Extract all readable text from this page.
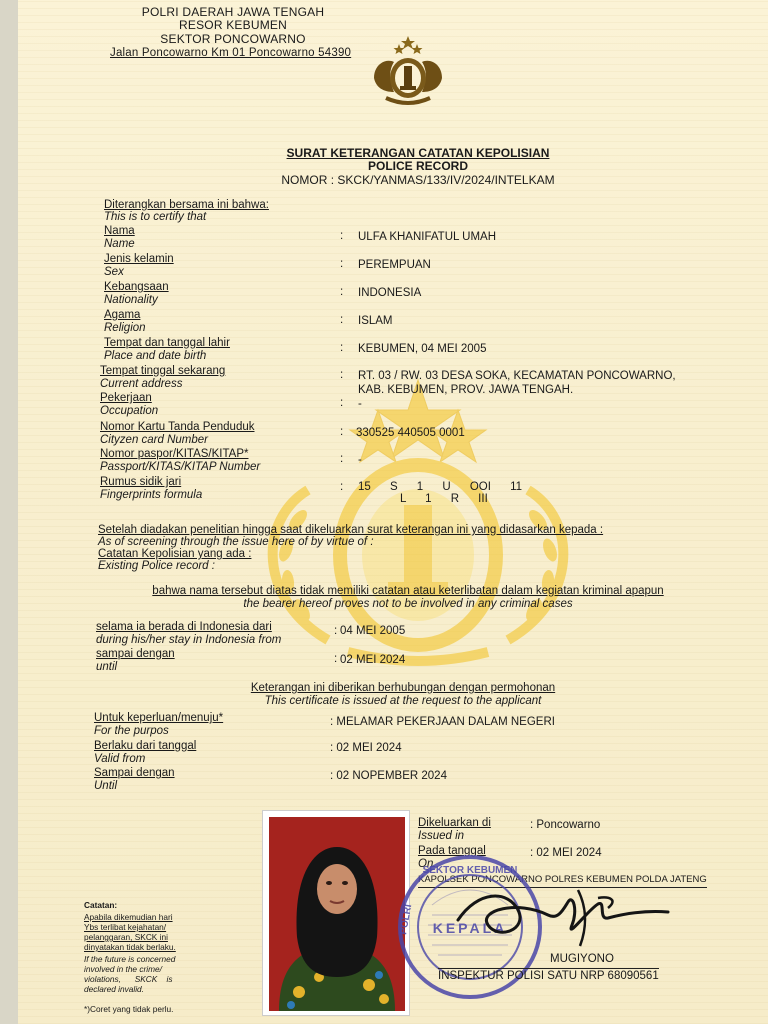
POLRI DAERAH JAWA TENGAH
RESOR KEBUMEN
SEKTOR PONCOWARNO
Jalan Poncowarno Km 01 Poncowarno 54390
SURAT KETERANGAN CATATAN KEPOLISIAN
POLICE RECORD
NOMOR : SKCK/YANMAS/133/IV/2024/INTELKAM
Diterangkan bersama ini bahwa:
This is to certify that
Nama
Name
: ULFA KHANIFATUL UMAH
Jenis kelamin
Sex
: PEREMPUAN
Kebangsaan
Nationality
: INDONESIA
Agama
Religion
: ISLAM
Tempat dan tanggal lahir
Place and date birth
: KEBUMEN, 04 MEI 2005
Tempat tinggal sekarang
Current address
: RT. 03 / RW. 03 DESA SOKA, KECAMATAN PONCOWARNO,
KAB. KEBUMEN, PROV. JAWA TENGAH.
Pekerjaan
Occupation
: -
Nomor Kartu Tanda Penduduk
Cityzen card Number
: 330525 440505 0001
Nomor paspor/KITAS/KITAP*
Passport/KITAS/KITAP Number
: -
Rumus sidik jari
Fingerprints formula
: 15      S      1      U      OOI      11
L      1      R      III
Setelah diadakan penelitian hingga saat dikeluarkan surat keterangan ini yang didasarkan kepada :
As of screening through the issue here of by virtue of :
Catatan Kepolisian yang ada :
Existing Police record :
bahwa nama tersebut diatas tidak memiliki catatan atau keterlibatan dalam kegiatan kriminal apapun
the bearer hereof proves not to be involved in any criminal cases
selama ia berada di Indonesia dari
during his/her stay in Indonesia from
: 04 MEI 2005
sampai dengan
until
: 02 MEI 2024
Keterangan ini diberikan berhubungan dengan permohonan
This certificate is issued at the request to the applicant
Untuk keperluan/menuju*
For the purpos
: MELAMAR PEKERJAAN DALAM NEGERI
Berlaku dari tanggal
Valid from
: 02 MEI 2024
Sampai dengan
Until
: 02 NOPEMBER 2024
Dikeluarkan di
Issued in
: Poncowarno
Pada tanggal
On
: 02 MEI 2024
KAPOLSEK PONCOWARNO POLRES KEBUMEN POLDA JATENG
SEKTOR KEBUMEN
KEPALA
POLRI
MUGIYONO
INSPEKTUR POLISI SATU NRP 68090561
Catatan:
Apabila dikemudian hari
Ybs terlibat kejahatan/
pelanggaran, SKCK ini
dinyatakan tidak berlaku.
If the future is concerned
involved in the crime/
violations,      SKCK    is
declared invalid.
*)Coret yang tidak perlu.
